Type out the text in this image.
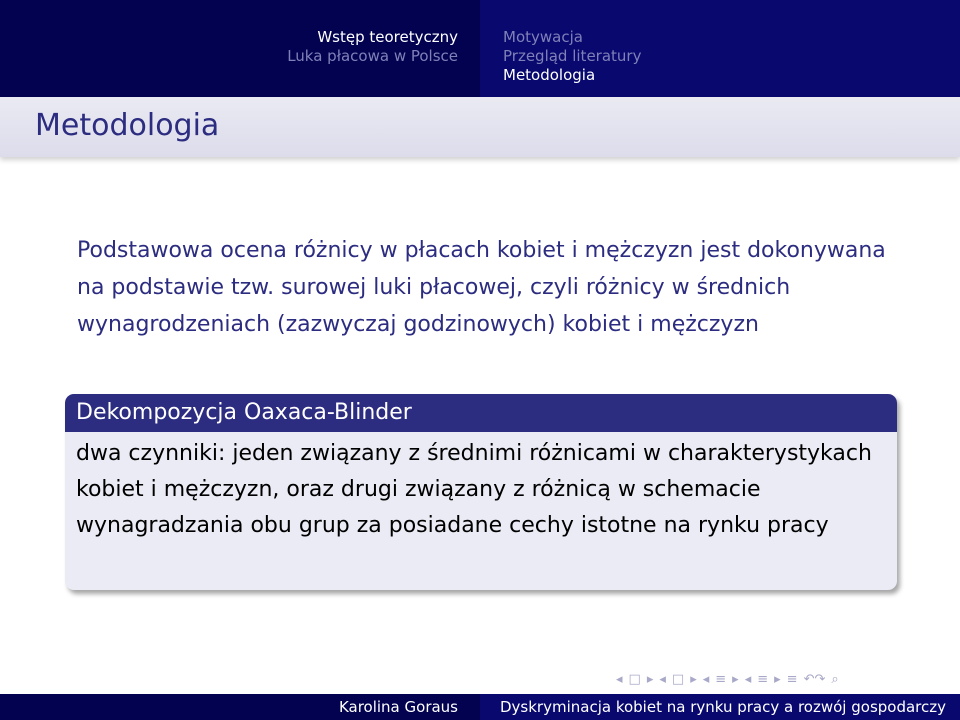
Wstęp teoretyczny
Luka płacowa w Polsce
Motywacja
Przegląd literatury
Metodologia
Metodologia
Podstawowa ocena różnicy w płacach kobiet i mężczyzn jest dokonywana na podstawie tzw. surowej luki płacowej, czyli różnicy w średnich wynagrodzeniach (zazwyczaj godzinowych) kobiet i mężczyzn
Dekompozycja Oaxaca-Blinder
dwa czynniki: jeden związany z średnimi różnicami w charakterystykach kobiet i mężczyzn, oraz drugi związany z różnicą w schemacie wynagradzania obu grup za posiadane cechy istotne na rynku pracy
◂ □ ▸ ◂ □ ▸ ◂ ≡ ▸ ◂ ≡ ▸ ≡ ↶↷ ⌕
Karolina Goraus	Dyskryminacja kobiet na rynku pracy a rozwój gospodarczy
